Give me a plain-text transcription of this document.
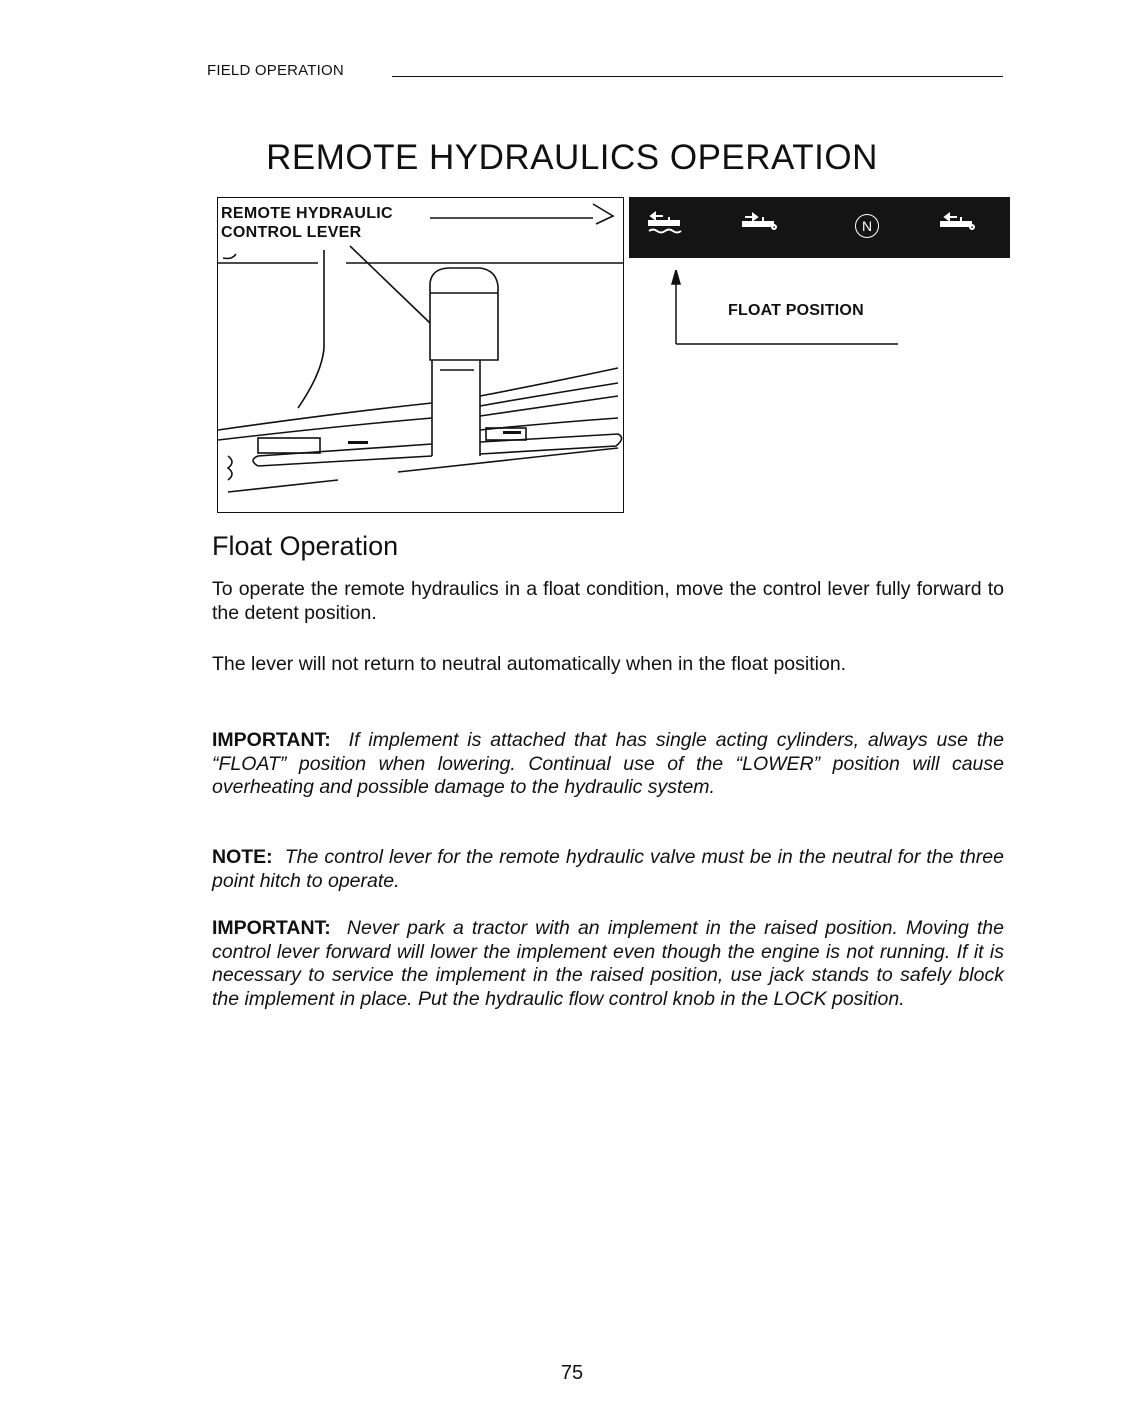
FIELD OPERATION
REMOTE HYDRAULICS OPERATION
REMOTE HYDRAULIC
CONTROL LEVER	N
FLOAT POSITION
Float Operation

To operate the remote hydraulics in a float condition, move the control lever fully forward to the detent position.

The lever will not return to neutral automatically when in the float position.

IMPORTANT: If implement is attached that has single acting cylinders, always use the “FLOAT” position when lowering. Continual use of the “LOWER” position will cause overheating and possible damage to the hydraulic system.

NOTE: The control lever for the remote hydraulic valve must be in the neutral for the three point hitch to operate.

IMPORTANT: Never park a tractor with an implement in the raised position. Moving the control lever forward will lower the implement even though the engine is not running. If it is necessary to service the implement in the raised position, use jack stands to safely block the implement in place. Put the hydraulic flow control knob in the LOCK position.

75
